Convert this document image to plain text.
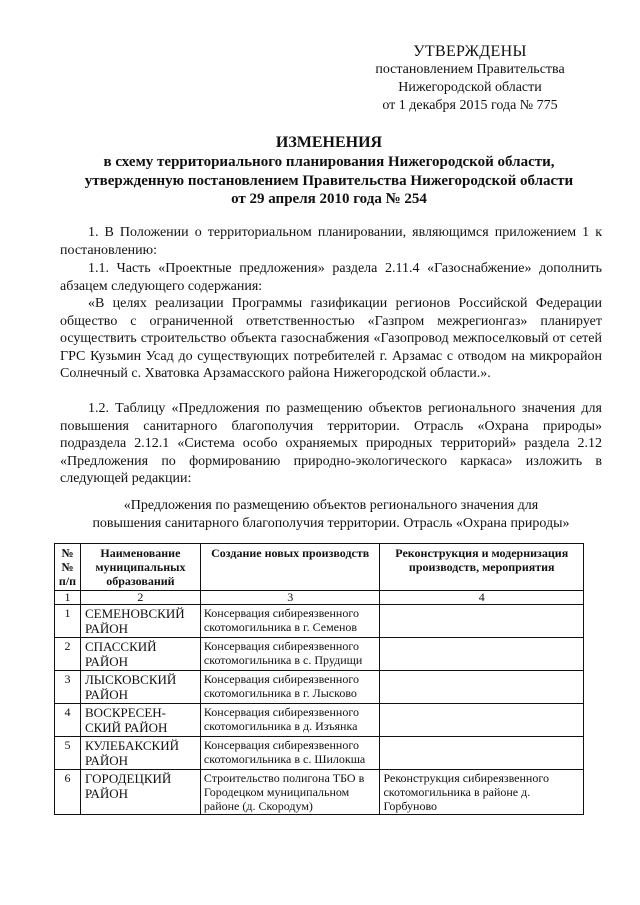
УТВЕРЖДЕНЫ
постановлением Правительства
Нижегородской области
от 1 декабря 2015 года № 775
ИЗМЕНЕНИЯ
в схему территориального планирования Нижегородской области,
утвержденную постановлением Правительства Нижегородской области
от 29 апреля 2010 года № 254
1. В Положении о территориальном планировании, являющимся приложением 1 к постановлению:
1.1. Часть «Проектные предложения» раздела 2.11.4 «Газоснабжение» дополнить абзацем следующего содержания:
«В целях реализации Программы газификации регионов Российской Федерации общество с ограниченной ответственностью «Газпром межрегионгаз» планирует осуществить строительство объекта газоснабжения «Газопровод межпоселковый от сетей ГРС Кузьмин Усад до существующих потребителей г. Арзамас с отводом на микрорайон Солнечный с. Хватовка Арзамасского района Нижегородской области.».
1.2. Таблицу «Предложения по размещению объектов регионального значения для повышения санитарного благополучия территории. Отрасль «Охрана природы» подраздела 2.12.1 «Система особо охраняемых природных территорий» раздела 2.12 «Предложения по формированию природно-экологического каркаса» изложить в следующей редакции:
«Предложения по размещению объектов регионального значения для
повышения санитарного благополучия территории. Отрасль «Охрана природы»
№ № п/п	Наименование муниципальных образований	Создание новых производств	Реконструкция и модернизация производств, мероприятия
1	2	3	4
1	СЕМЕНОВСКИЙ РАЙОН	Консервация сибиреязвенного скотомогильника в г. Семенов	
2	СПАССКИЙ РАЙОН	Консервация сибиреязвенного скотомогильника в с. Прудищи	
3	ЛЫСКОВСКИЙ РАЙОН	Консервация сибиреязвенного скотомогильника в г. Лысково	
4	ВОСКРЕСЕН-СКИЙ РАЙОН	Консервация сибиреязвенного скотомогильника в д. Изъянка	
5	КУЛЕБАКСКИЙ РАЙОН	Консервация сибиреязвенного скотомогильника в с. Шилокша	
6	ГОРОДЕЦКИЙ РАЙОН	Строительство полигона ТБО в Городецком муниципальном районе (д. Скородум)	Реконструкция сибиреязвенного скотомогильника в районе д. Горбуново
